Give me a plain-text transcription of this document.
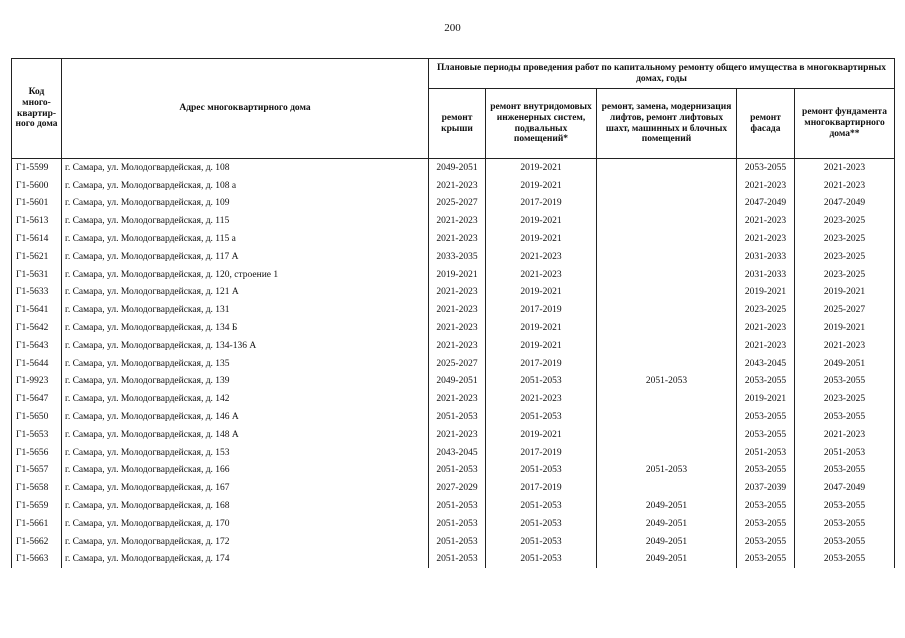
200
Код много-квартир-ного дома	Адрес многоквартирного дома	Плановые периоды проведения работ по капитальному ремонту общего имущества в многоквартирных домах, годы				
		ремонт крыши	ремонт внутридомовых инженерных систем, подвальных помещений*	ремонт, замена, модернизация лифтов, ремонт лифтовых шахт, машинных и блочных помещений	ремонт фасада	ремонт фундамента многоквартирного дома**
Г1-5599	г. Самара, ул. Молодогвардейская, д. 108	2049-2051	2019-2021		2053-2055	2021-2023
Г1-5600	г. Самара, ул. Молодогвардейская, д. 108 а	2021-2023	2019-2021		2021-2023	2021-2023
Г1-5601	г. Самара, ул. Молодогвардейская, д. 109	2025-2027	2017-2019		2047-2049	2047-2049
Г1-5613	г. Самара, ул. Молодогвардейская, д. 115	2021-2023	2019-2021		2021-2023	2023-2025
Г1-5614	г. Самара, ул. Молодогвардейская, д. 115 а	2021-2023	2019-2021		2021-2023	2023-2025
Г1-5621	г. Самара, ул. Молодогвардейская, д. 117 А	2033-2035	2021-2023		2031-2033	2023-2025
Г1-5631	г. Самара, ул. Молодогвардейская, д. 120, строение 1	2019-2021	2021-2023		2031-2033	2023-2025
Г1-5633	г. Самара, ул. Молодогвардейская, д. 121 А	2021-2023	2019-2021		2019-2021	2019-2021
Г1-5641	г. Самара, ул. Молодогвардейская, д. 131	2021-2023	2017-2019		2023-2025	2025-2027
Г1-5642	г. Самара, ул. Молодогвардейская, д. 134 Б	2021-2023	2019-2021		2021-2023	2019-2021
Г1-5643	г. Самара, ул. Молодогвардейская, д. 134-136 А	2021-2023	2019-2021		2021-2023	2021-2023
Г1-5644	г. Самара, ул. Молодогвардейская, д. 135	2025-2027	2017-2019		2043-2045	2049-2051
Г1-9923	г. Самара, ул. Молодогвардейская, д. 139	2049-2051	2051-2053	2051-2053	2053-2055	2053-2055
Г1-5647	г. Самара, ул. Молодогвардейская, д. 142	2021-2023	2021-2023		2019-2021	2023-2025
Г1-5650	г. Самара, ул. Молодогвардейская, д. 146 А	2051-2053	2051-2053		2053-2055	2053-2055
Г1-5653	г. Самара, ул. Молодогвардейская, д. 148 А	2021-2023	2019-2021		2053-2055	2021-2023
Г1-5656	г. Самара, ул. Молодогвардейская, д. 153	2043-2045	2017-2019		2051-2053	2051-2053
Г1-5657	г. Самара, ул. Молодогвардейская, д. 166	2051-2053	2051-2053	2051-2053	2053-2055	2053-2055
Г1-5658	г. Самара, ул. Молодогвардейская, д. 167	2027-2029	2017-2019		2037-2039	2047-2049
Г1-5659	г. Самара, ул. Молодогвардейская, д. 168	2051-2053	2051-2053	2049-2051	2053-2055	2053-2055
Г1-5661	г. Самара, ул. Молодогвардейская, д. 170	2051-2053	2051-2053	2049-2051	2053-2055	2053-2055
Г1-5662	г. Самара, ул. Молодогвардейская, д. 172	2051-2053	2051-2053	2049-2051	2053-2055	2053-2055
Г1-5663	г. Самара, ул. Молодогвардейская, д. 174	2051-2053	2051-2053	2049-2051	2053-2055	2053-2055
